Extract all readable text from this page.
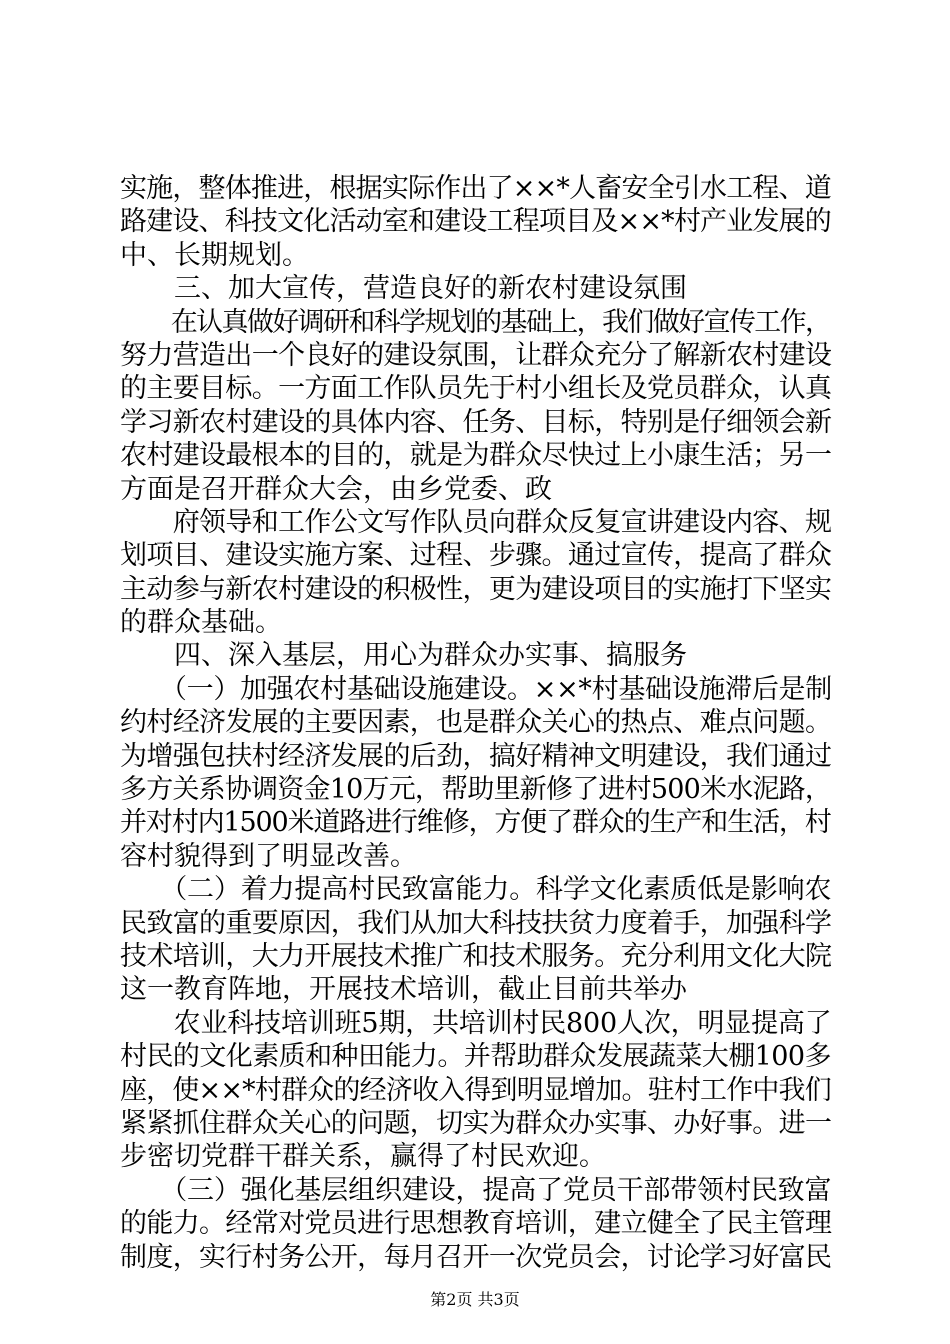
实施，整体推进，根据实际作出了××*人畜安全引水工程、道
路建设、科技文化活动室和建设工程项目及××*村产业发展的
中、长期规划。
　　三、加大宣传，营造良好的新农村建设氛围
　　在认真做好调研和科学规划的基础上，我们做好宣传工作，
努力营造出一个良好的建设氛围，让群众充分了解新农村建设
的主要目标。一方面工作队员先于村小组长及党员群众，认真
学习新农村建设的具体内容、任务、目标，特别是仔细领会新
农村建设最根本的目的，就是为群众尽快过上小康生活；另一
方面是召开群众大会，由乡党委、政
　　府领导和工作公文写作队员向群众反复宣讲建设内容、规
划项目、建设实施方案、过程、步骤。通过宣传，提高了群众
主动参与新农村建设的积极性，更为建设项目的实施打下坚实
的群众基础。
　　四、深入基层，用心为群众办实事、搞服务
　　（一）加强农村基础设施建设。××*村基础设施滞后是制
约村经济发展的主要因素，也是群众关心的热点、难点问题。
为增强包扶村经济发展的后劲，搞好精神文明建设，我们通过
多方关系协调资金10万元，帮助里新修了进村500米水泥路，
并对村内1500米道路进行维修，方便了群众的生产和生活，村
容村貌得到了明显改善。
　　（二）着力提高村民致富能力。科学文化素质低是影响农
民致富的重要原因，我们从加大科技扶贫力度着手，加强科学
技术培训，大力开展技术推广和技术服务。充分利用文化大院
这一教育阵地，开展技术培训，截止目前共举办
　　农业科技培训班5期，共培训村民800人次，明显提高了
村民的文化素质和种田能力。并帮助群众发展蔬菜大棚100多
座，使××*村群众的经济收入得到明显增加。驻村工作中我们
紧紧抓住群众关心的问题，切实为群众办实事、办好事。进一
步密切党群干群关系，赢得了村民欢迎。
　　（三）强化基层组织建设，提高了党员干部带领村民致富
的能力。经常对党员进行思想教育培训，建立健全了民主管理
制度，实行村务公开，每月召开一次党员会，讨论学习好富民
第2页 共3页
